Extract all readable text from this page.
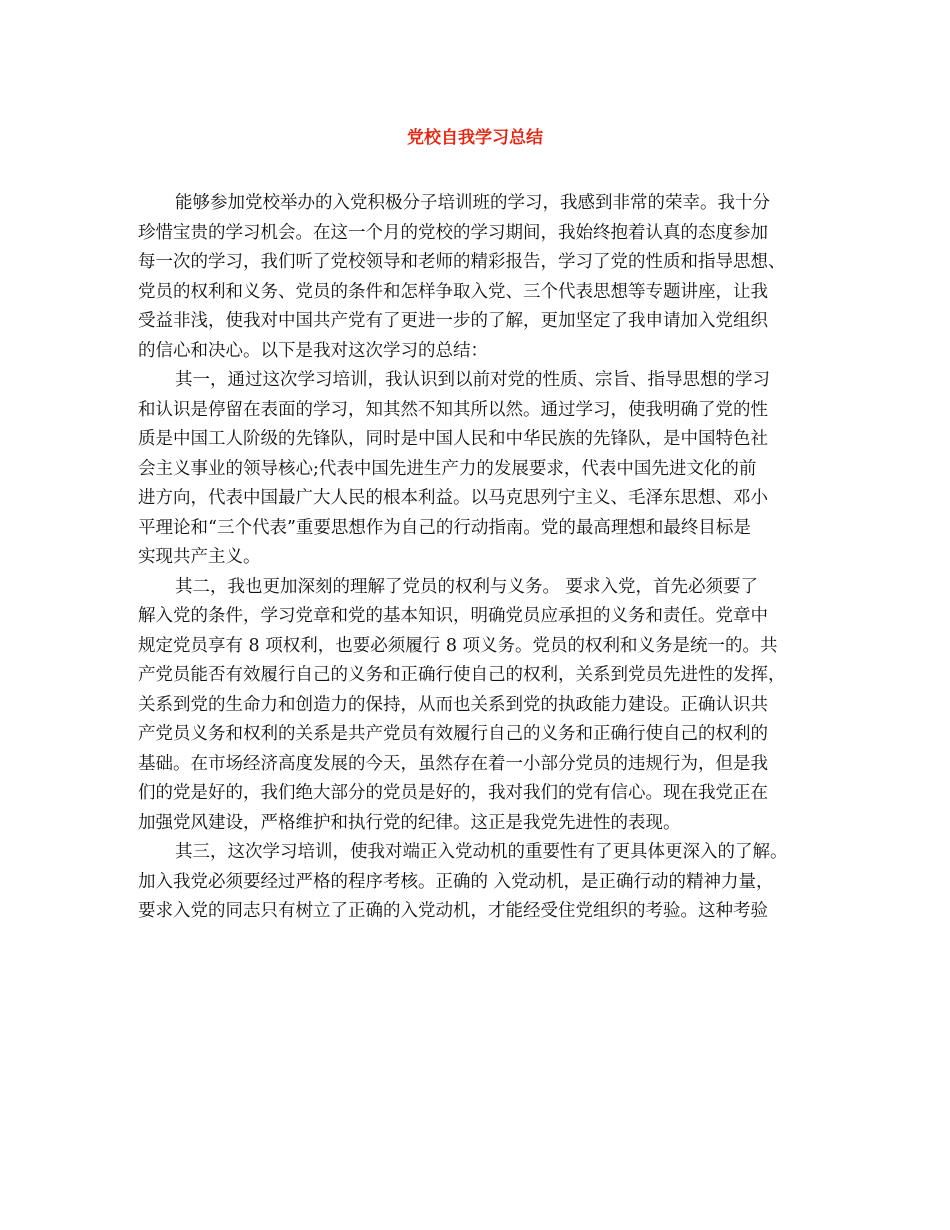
党校自我学习总结

能够参加党校举办的入党积极分子培训班的学习，我感到非常的荣幸。我十分

珍惜宝贵的学习机会。在这一个月的党校的学习期间，我始终抱着认真的态度参加

每一次的学习，我们听了党校领导和老师的精彩报告，学习了党的性质和指导思想、

党员的权利和义务、党员的条件和怎样争取入党、三个代表思想等专题讲座，让我

受益非浅，使我对中国共产党有了更进一步的了解，更加坚定了我申请加入党组织

的信心和决心。以下是我对这次学习的总结：

其一，通过这次学习培训，我认识到以前对党的性质、宗旨、指导思想的学习

和认识是停留在表面的学习，知其然不知其所以然。通过学习，使我明确了党的性

质是中国工人阶级的先锋队，同时是中国人民和中华民族的先锋队，是中国特色社

会主义事业的领导核心;代表中国先进生产力的发展要求，代表中国先进文化的前

进方向，代表中国最广大人民的根本利益。以马克思列宁主义、毛泽东思想、邓小

平理论和“三个代表”重要思想作为自己的行动指南。党的最高理想和最终目标是

实现共产主义。

其二，我也更加深刻的理解了党员的权利与义务。 要求入党，首先必须要了

解入党的条件，学习党章和党的基本知识，明确党员应承担的义务和责任。党章中

规定党员享有 8 项权利，也要必须履行 8 项义务。党员的权利和义务是统一的。共

产党员能否有效履行自己的义务和正确行使自己的权利，关系到党员先进性的发挥，

关系到党的生命力和创造力的保持，从而也关系到党的执政能力建设。正确认识共

产党员义务和权利的关系是共产党员有效履行自己的义务和正确行使自己的权利的

基础。在市场经济高度发展的今天，虽然存在着一小部分党员的违规行为，但是我

们的党是好的，我们绝大部分的党员是好的，我对我们的党有信心。现在我党正在

加强党风建设，严格维护和执行党的纪律。这正是我党先进性的表现。

其三，这次学习培训，使我对端正入党动机的重要性有了更具体更深入的了解。

加入我党必须要经过严格的程序考核。正确的 入党动机，是正确行动的精神力量，

要求入党的同志只有树立了正确的入党动机，才能经受住党组织的考验。这种考验
